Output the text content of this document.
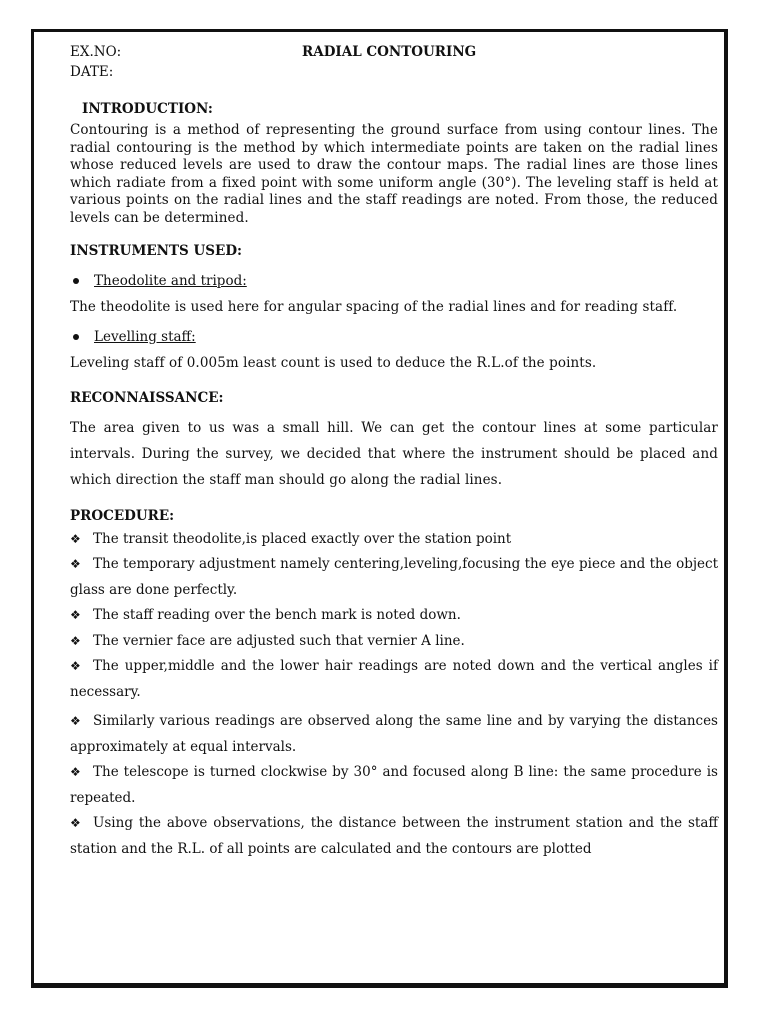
EX.NO:	RADIAL CONTOURING
DATE:
INTRODUCTION:

Contouring is a method of representing the ground surface from using contour lines. The radial contouring is the method by which intermediate points are taken on the radial lines whose reduced levels are used to draw the contour maps. The radial lines are those lines which radiate from a fixed point with some uniform angle (30°). The leveling staff is held at various points on the radial lines and the staff readings are noted. From those, the reduced levels can be determined.

INSTRUMENTS USED:
Theodolite and tripod:

The theodolite is used here for angular spacing of the radial lines and for reading staff.

Levelling staff:

Leveling staff of 0.005m least count is used to deduce the R.L.of the points.

RECONNAISSANCE:

The area given to us was a small hill. We can get the contour lines at some particular intervals. During the survey, we decided that where the instrument should be placed and which direction the staff man should go along the radial lines.

PROCEDURE:
❖ The transit theodolite,is placed exactly over the station point
❖ The temporary adjustment namely centering,leveling,focusing the eye piece and the object glass are done perfectly.
❖ The staff reading over the bench mark is noted down.
❖ The vernier face are adjusted such that vernier A line.
❖ The upper,middle and the lower hair readings are noted down and the vertical angles if necessary.
❖ Similarly various readings are observed along the same line and by varying the distances approximately at equal intervals.
❖ The telescope is turned clockwise by 30° and focused along B line: the same procedure is repeated.
❖ Using the above observations, the distance between the instrument station and the staff station and the R.L. of all points are calculated and the contours are plotted
